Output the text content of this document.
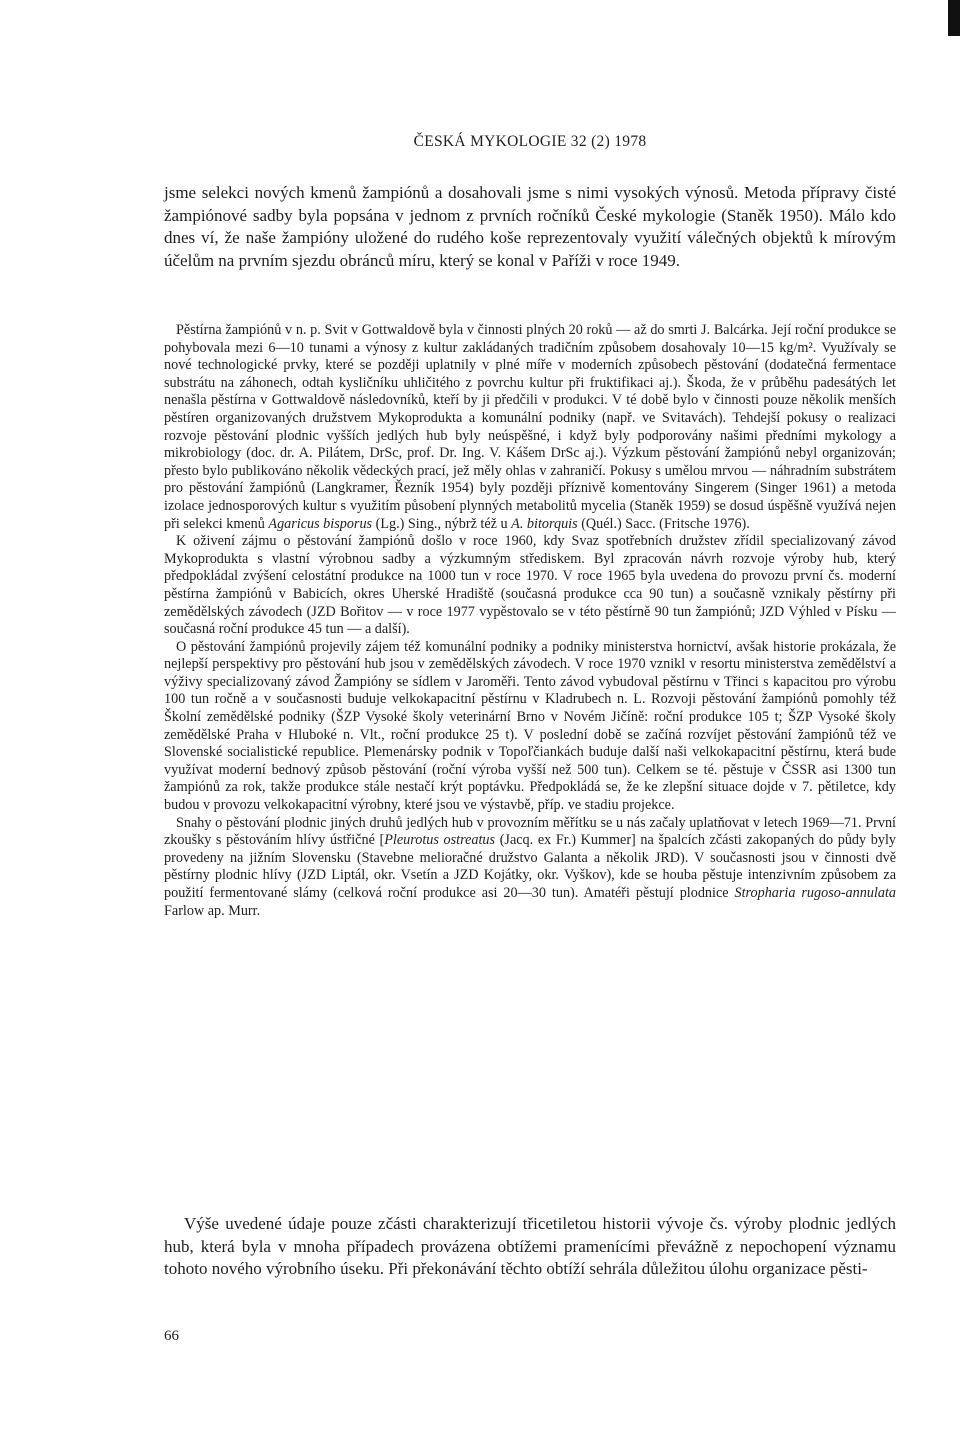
ČESKÁ MYKOLOGIE 32 (2) 1978

jsme selekci nových kmenů žampiónů a dosahovali jsme s nimi vysokých výnosů. Metoda přípravy čisté žampiónové sadby byla popsána v jednom z prvních ročníků České mykologie (Staněk 1950). Málo kdo dnes ví, že naše žampióny uložené do rudého koše reprezentovaly využití válečných objektů k mírovým účelům na prvním sjezdu obránců míru, který se konal v Paříži v roce 1949.

Pěstírna žampiónů v n. p. Svit v Gottwaldově byla v činnosti plných 20 roků — až do smrti J. Balcárka. Její roční produkce se pohybovala mezi 6—10 tunami a výnosy z kultur zakládaných tradičním způsobem dosahovaly 10—15 kg/m². Využívaly se nové technologické prvky, které se později uplatnily v plné míře v moderních způsobech pěstování (dodatečná fermentace substrátu na záhonech, odtah kysličníku uhličitého z povrchu kultur při fruktifikaci aj.). Škoda, že v průběhu padesátých let nenašla pěstírna v Gottwaldově následovníků, kteří by ji předčili v produkci. V té době bylo v činnosti pouze několik menších pěstíren organizovaných družstvem Mykoprodukta a komunální podniky (např. ve Svitavách). Tehdejší pokusy o realizaci rozvoje pěstování plodnic vyšších jedlých hub byly neúspěšné, i když byly podporovány našimi předními mykology a mikrobiology (doc. dr. A. Pilátem, DrSc, prof. Dr. Ing. V. Kášem DrSc aj.). Výzkum pěstování žampiónů nebyl organizován; přesto bylo publikováno několik vědeckých prací, jež měly ohlas v zahraničí. Pokusy s umělou mrvou — náhradním substrátem pro pěstování žampiónů (Langkramer, Řezník 1954) byly později příznivě komentovány Singerem (Singer 1961) a metoda izolace jednosporových kultur s využitím působení plynných metabolitů mycelia (Staněk 1959) se dosud úspěšně využívá nejen při selekci kmenů Agaricus bisporus (Lg.) Sing., nýbrž též u A. bitorquis (Quél.) Sacc. (Fritsche 1976).

K oživení zájmu o pěstování žampiónů došlo v roce 1960, kdy Svaz spotřebních družstev zřídil specializovaný závod Mykoprodukta s vlastní výrobnou sadby a výzkumným střediskem. Byl zpracován návrh rozvoje výroby hub, který předpokládal zvýšení celostátní produkce na 1000 tun v roce 1970. V roce 1965 byla uvedena do provozu první čs. moderní pěstírna žampiónů v Babicích, okres Uherské Hradiště (současná produkce cca 90 tun) a současně vznikaly pěstírny při zemědělských závodech (JZD Bořitov — v roce 1977 vypěstovalo se v této pěstírně 90 tun žampiónů; JZD Výhled v Písku — současná roční produkce 45 tun — a další).

O pěstování žampiónů projevily zájem též komunální podniky a podniky ministerstva hornictví, avšak historie prokázala, že nejlepší perspektivy pro pěstování hub jsou v zemědělských závodech. V roce 1970 vznikl v resortu ministerstva zemědělství a výživy specializovaný závod Žampióny se sídlem v Jaroměři. Tento závod vybudoval pěstírnu v Třinci s kapacitou pro výrobu 100 tun ročně a v současnosti buduje velkokapacitní pěstírnu v Kladrubech n. L. Rozvoji pěstování žampiónů pomohly též Školní zemědělské podniky (ŠZP Vysoké školy veterinární Brno v Novém Jičíně: roční produkce 105 t; ŠZP Vysoké školy zemědělské Praha v Hluboké n. Vlt., roční produkce 25 t). V poslední době se začíná rozvíjet pěstování žampiónů též ve Slovenské socialistické republice. Plemenársky podnik v Topoľčiankách buduje další naši velkokapacitní pěstírnu, která bude využívat moderní bednový způsob pěstování (roční výroba vyšší než 500 tun). Celkem se té. pěstuje v ČSSR asi 1300 tun žampiónů za rok, takže produkce stále nestačí krýt poptávku. Předpokládá se, že ke zlepšní situace dojde v 7. pětiletce, kdy budou v provozu velkokapacitní výrobny, které jsou ve výstavbě, příp. ve stadiu projekce.

Snahy o pěstování plodnic jiných druhů jedlých hub v provozním měřítku se u nás začaly uplatňovat v letech 1969—71. První zkoušky s pěstováním hlívy ústřičné [Pleurotus ostreatus (Jacq. ex Fr.) Kummer] na špalcích zčásti zakopaných do půdy byly provedeny na jižním Slovensku (Stavebne melioračné družstvo Galanta a několik JRD). V současnosti jsou v činnosti dvě pěstírny plodnic hlívy (JZD Liptál, okr. Vsetín a JZD Kojátky, okr. Vyškov), kde se houba pěstuje intenzivním způsobem za použití fermentované slámy (celková roční produkce asi 20—30 tun). Amatéři pěstují plodnice Stropharia rugoso-annulata Farlow ap. Murr.

Výše uvedené údaje pouze zčásti charakterizují třicetiletou historii vývoje čs. výroby plodnic jedlých hub, která byla v mnoha případech provázena obtížemi pramenícími převážně z nepochopení významu tohoto nového výrobního úseku. Při překonávání těchto obtíží sehrála důležitou úlohu organizace pěsti-

66
